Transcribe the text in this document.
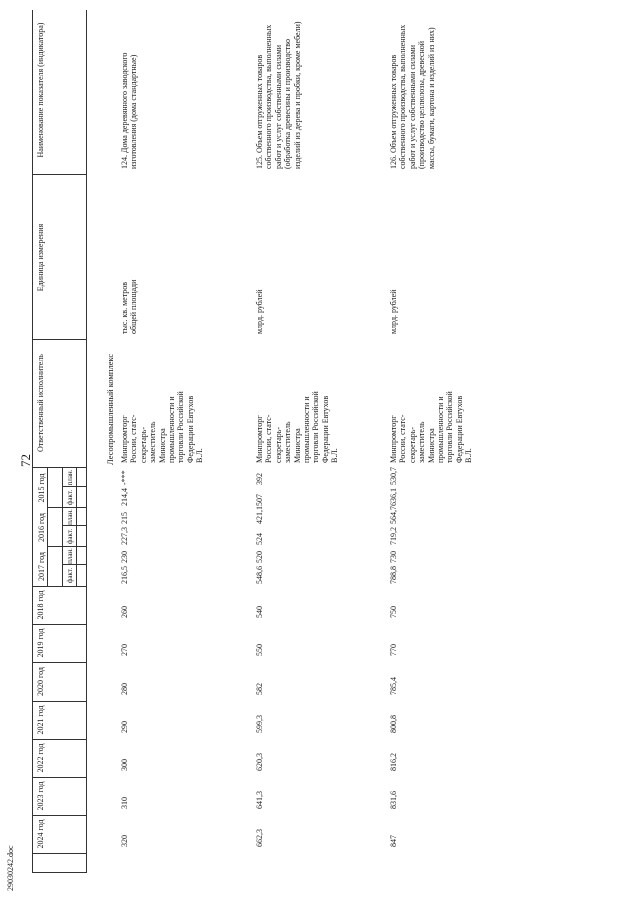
72
29030242.doc
Наименование показателя (индикатора)
Единица измерения
Ответственный исполнитель
2015 год
2016 год
2017 год
план.
факт.
план.
факт.
план.
факт.
2018 год
2019 год
2020 год
2021 год
2022 год
2023 год
2024 год
Лесопромышленный комплекс
124. Дома деревянного заводского изготовления (дома стандартные)
тыс. кв. метров общей площади
Минпромторг России, статс-секретарь-заместитель Министра промышленности и торговли Российской Федерации Евтухов В.Л.
-***
214,4
215
227,3
230
216,5
260
270
280
290
300
310
320
125. Объем отгруженных товаров собственного производства, выполненных работ и услуг собственными силами (обработка древесины и производство изделий из дерева и пробки, кроме мебели)
млрд. рублей
Минпромторг России, статс-секретарь-заместитель Министра промышленности и торговли Российской Федерации Евтухов В.Л.
392
507
421,1
524
520
548,6
540
550
582
599,3
620,3
641,3
662,3
126. Объем отгруженных товаров собственного производства, выполненных работ и услуг собственными силами (производство целлюлозы, древесной массы, бумаги, картона и изделий из них)
млрд. рублей
Минпромторг России, статс-секретарь-заместитель Министра промышленности и торговли Российской Федерации Евтухов В.Л.
530,7
636,1
564,7
719,2
730
788,8
750
770
785,4
800,8
816,2
831,6
847
